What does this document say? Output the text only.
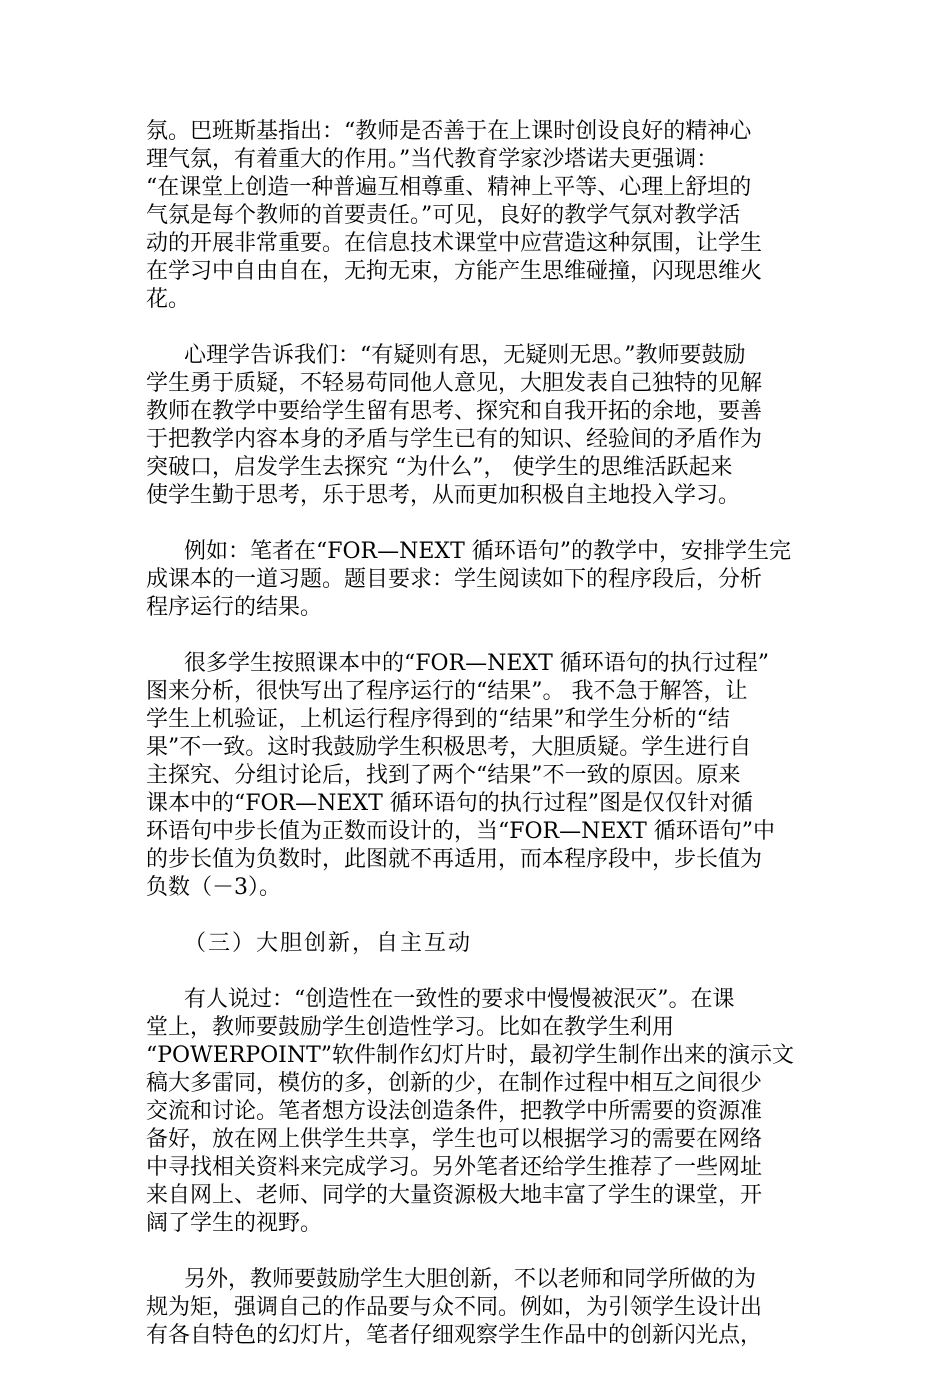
氛。巴班斯基指出：“教师是否善于在上课时创设良好的精神心
理气氛，有着重大的作用。”当代教育学家沙塔诺夫更强调：
“在课堂上创造一种普遍互相尊重、精神上平等、心理上舒坦的
气氛是每个教师的首要责任。”可见，良好的教学气氛对教学活
动的开展非常重要。在信息技术课堂中应营造这种氛围，让学生
在学习中自由自在，无拘无束，方能产生思维碰撞，闪现思维火
花。
心理学告诉我们：“有疑则有思，无疑则无思。”教师要鼓励
学生勇于质疑，不轻易苟同他人意见，大胆发表自己独特的见解
教师在教学中要给学生留有思考、探究和自我开拓的余地，要善
于把教学内容本身的矛盾与学生已有的知识、经验间的矛盾作为
突破口，启发学生去探究 “为什么”， 使学生的思维活跃起来
使学生勤于思考，乐于思考，从而更加积极自主地投入学习。
例如：笔者在“FOR—NEXT 循环语句”的教学中，安排学生完
成课本的一道习题。题目要求：学生阅读如下的程序段后，分析
程序运行的结果。
很多学生按照课本中的“FOR—NEXT 循环语句的执行过程”
图来分析，很快写出了程序运行的“结果”。 我不急于解答，让
学生上机验证，上机运行程序得到的“结果”和学生分析的“结
果”不一致。这时我鼓励学生积极思考，大胆质疑。学生进行自
主探究、分组讨论后，找到了两个“结果”不一致的原因。原来
课本中的“FOR—NEXT 循环语句的执行过程”图是仅仅针对循
环语句中步长值为正数而设计的，当“FOR—NEXT 循环语句”中
的步长值为负数时，此图就不再适用，而本程序段中，步长值为
负数（－3）。
（三）大胆创新，自主互动
有人说过：“创造性在一致性的要求中慢慢被泯灭”。在课
堂上，教师要鼓励学生创造性学习。比如在教学生利用
“POWERPOINT”软件制作幻灯片时，最初学生制作出来的演示文
稿大多雷同，模仿的多，创新的少，在制作过程中相互之间很少
交流和讨论。笔者想方设法创造条件，把教学中所需要的资源准
备好，放在网上供学生共享，学生也可以根据学习的需要在网络
中寻找相关资料来完成学习。另外笔者还给学生推荐了一些网址
来自网上、老师、同学的大量资源极大地丰富了学生的课堂，开
阔了学生的视野。
另外，教师要鼓励学生大胆创新，不以老师和同学所做的为
规为矩，强调自己的作品要与众不同。例如，为引领学生设计出
有各自特色的幻灯片，笔者仔细观察学生作品中的创新闪光点，
